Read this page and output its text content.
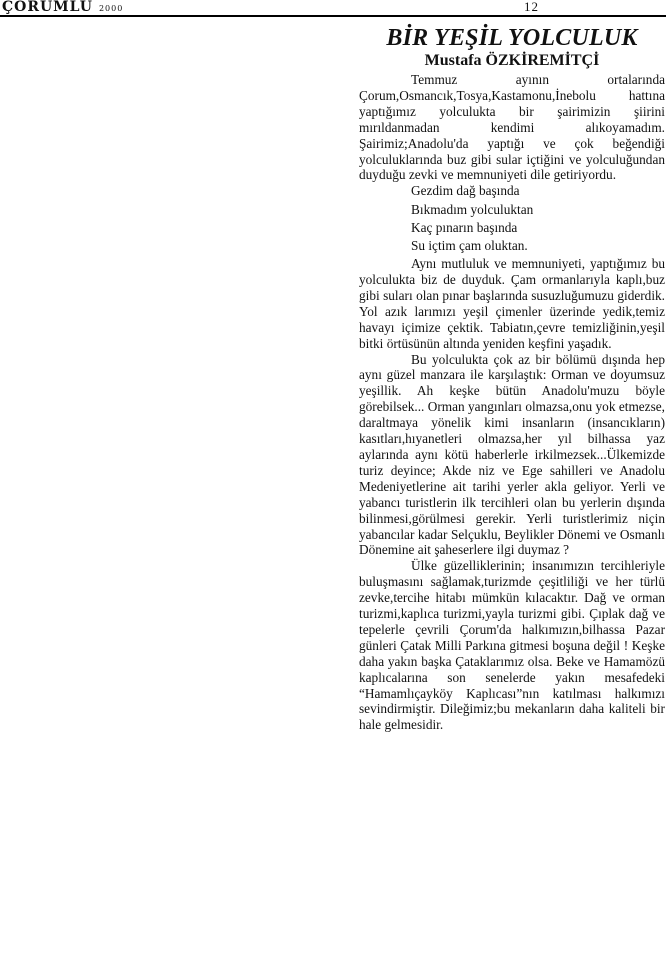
ÇORUMLU 2000	12
BİR YEŞİL YOLCULUK
Mustafa ÖZKİREMİTÇİ

Temmuz ayının ortalarında Çorum,Osmancık,Tosya,Kastamonu,İnebolu hattına yaptığımız yolculukta bir şairimizin şiirini mırıldanmadan kendimi alıkoyamadım. Şairimiz;Anadolu'da yaptığı ve çok beğendiği yolculuklarında buz gibi sular içtiğini ve yolculuğundan duyduğu zevki ve memnuniyeti dile getiriyordu.

Gezdim dağ başında
Bıkmadım yolculuktan
Kaç pınarın başında
Su içtim çam oluktan.

Aynı mutluluk ve memnuniyeti, yaptığımız bu yolculukta biz de duyduk. Çam ormanlarıyla kaplı,buz gibi suları olan pınar başlarında susuzluğumuzu giderdik. Yol azık larımızı yeşil çimenler üzerinde yedik,temiz havayı içimize çektik. Tabiatın,çevre temizliğinin,yeşil bitki örtüsünün altında yeniden keşfini yaşadık.

Bu yolculukta çok az bir bölümü dışında hep aynı güzel manzara ile karşılaştık: Orman ve doyumsuz yeşillik. Ah keşke bütün Anadolu'muzu böyle görebilsek... Orman yangınları olmazsa,onu yok etmezse, daraltmaya yönelik kimi insanların (insancıkların) kasıtları,hıyanetleri olmazsa,her yıl bilhassa yaz aylarında aynı kötü haberlerle irkilmezsek...Ülkemizde turiz deyince; Akde niz ve Ege sahilleri ve Anadolu Medeniyetlerine ait tarihi yerler akla geliyor. Yerli ve yabancı turistlerin ilk tercihleri olan bu yerlerin dışında bilinmesi,görülmesi gerekir. Yerli turistlerimiz niçin yabancılar kadar Selçuklu, Beylikler Dönemi ve Osmanlı Dönemine ait şaheserlere ilgi duymaz ?

Ülke güzelliklerinin; insanımızın tercihleriyle buluşmasını sağlamak,turizmde çeşitliliği ve her türlü zevke,tercihe hitabı mümkün kılacaktır. Dağ ve orman turizmi,kaplıca turizmi,yayla turizmi gibi. Çıplak dağ ve tepelerle çevrili Çorum'da halkımızın,bilhassa Pazar günleri Çatak Milli Parkına gitmesi boşuna değil ! Keşke daha yakın başka Çataklarımız olsa. Beke ve Hamamözü kaplıcalarına son senelerde yakın mesafedeki “Hamamlıçayköy Kaplıcası”nın katılması halkımızı sevindirmiştir. Dileğimiz;bu mekanların daha kaliteli bir hale gelmesidir.
